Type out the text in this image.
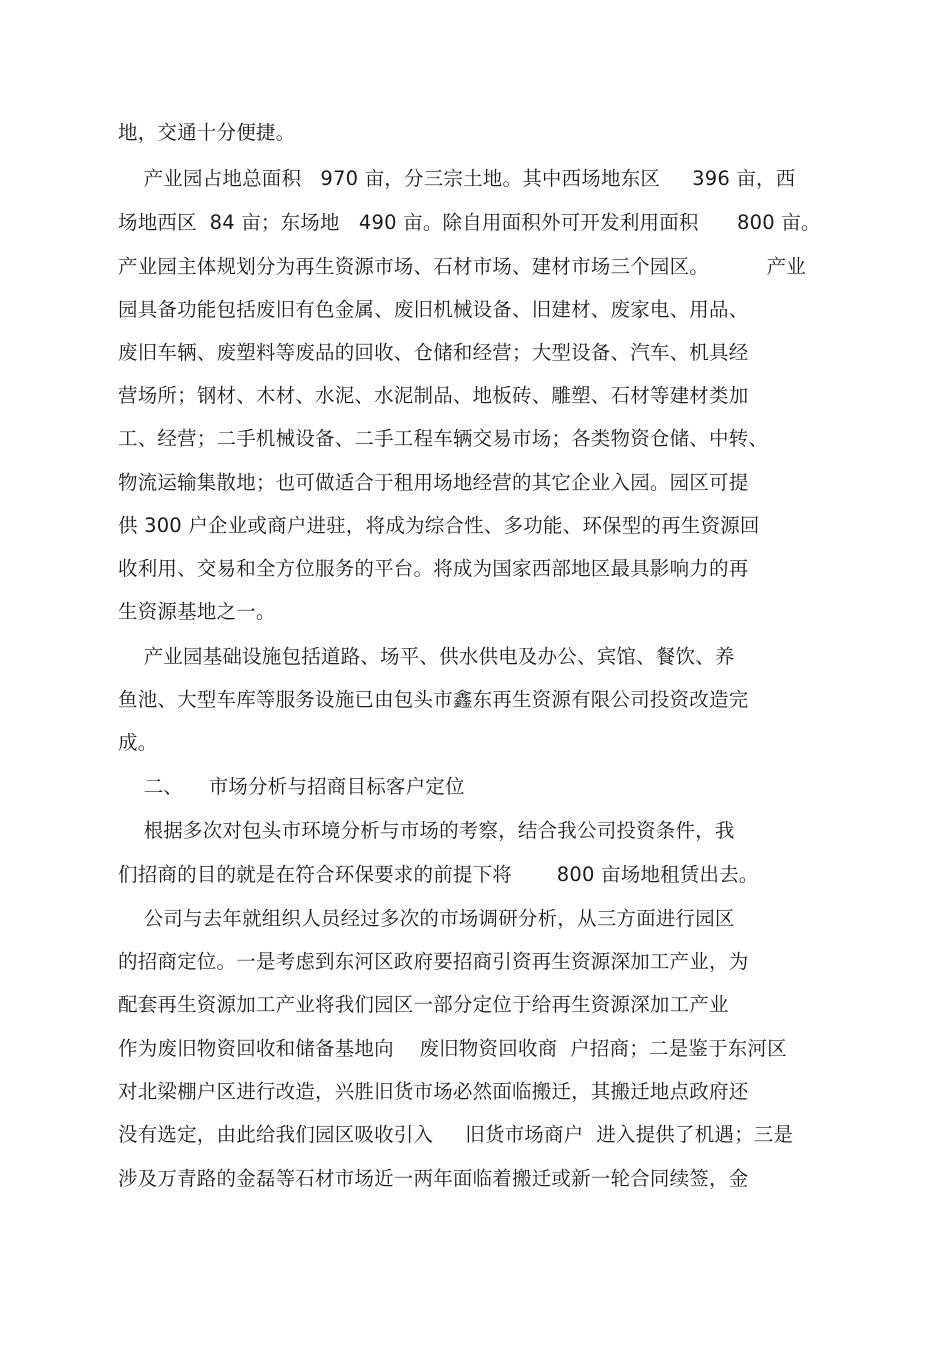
地，交通十分便捷。
产业园占地总面积   970 亩，分三宗土地。其中西场地东区     396 亩，西
场地西区  84 亩；东场地   490 亩。除自用面积外可开发利用面积      800 亩。
产业园主体规划分为再生资源市场、石材市场、建材市场三个园区。         产业
园具备功能包括废旧有色金属、废旧机械设备、旧建材、废家电、用品、
废旧车辆、废塑料等废品的回收、仓储和经营；大型设备、汽车、机具经
营场所；钢材、木材、水泥、水泥制品、地板砖、雕塑、石材等建材类加
工、经营；二手机械设备、二手工程车辆交易市场；各类物资仓储、中转、
物流运输集散地；也可做适合于租用场地经营的其它企业入园。园区可提
供 300 户企业或商户进驻，将成为综合性、多功能、环保型的再生资源回
收利用、交易和全方位服务的平台。将成为国家西部地区最具影响力的再
生资源基地之一。
产业园基础设施包括道路、场平、供水供电及办公、宾馆、餐饮、养
鱼池、大型车库等服务设施已由包头市鑫东再生资源有限公司投资改造完
成。
二、    市场分析与招商目标客户定位
根据多次对包头市环境分析与市场的考察，结合我公司投资条件，我
们招商的目的就是在符合环保要求的前提下将       800 亩场地租赁出去。
公司与去年就组织人员经过多次的市场调研分析，从三方面进行园区
的招商定位。一是考虑到东河区政府要招商引资再生资源深加工产业，为
配套再生资源加工产业将我们园区一部分定位于给再生资源深加工产业
作为废旧物资回收和储备基地向    废旧物资回收商  户招商；二是鉴于东河区
对北梁棚户区进行改造，兴胜旧货市场必然面临搬迁，其搬迁地点政府还
没有选定，由此给我们园区吸收引入     旧货市场商户  进入提供了机遇；三是
涉及万青路的金磊等石材市场近一两年面临着搬迁或新一轮合同续签，金
